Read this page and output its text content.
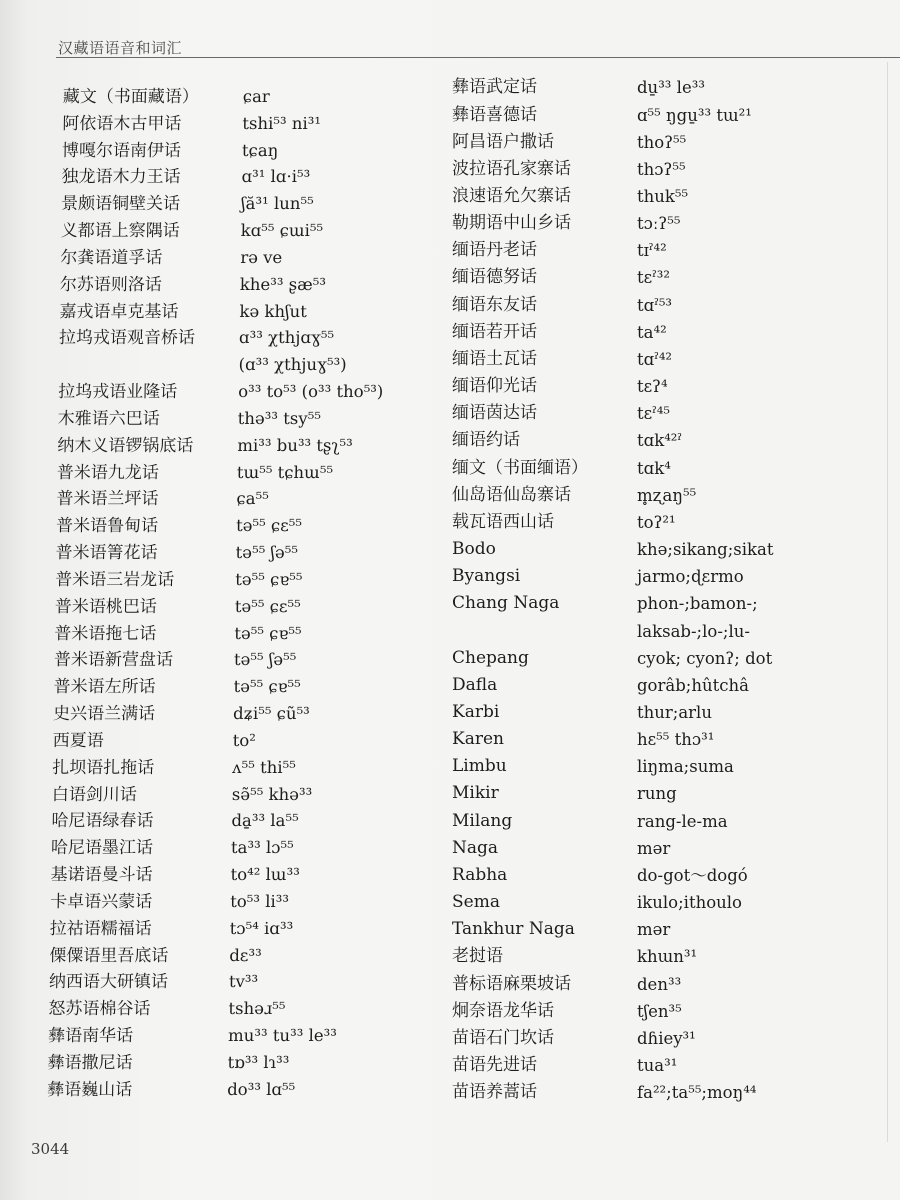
汉藏语语音和词汇
藏文（书面藏语）	ɕar
阿依语木古甲话	tshi⁵³ ni³¹
博嘎尔语南伊话	tɕaŋ
独龙语木力王话	ɑ³¹ lɑ·i⁵³
景颇语铜壁关话	ʃă³¹ lun⁵⁵
义都语上察隅话	kɑ⁵⁵ ɕɯi⁵⁵
尔龚语道孚话	rə ve
尔苏语则洛话	khe³³ ʂæ⁵³
嘉戎语卓克基话	kə khʃut
拉坞戎语观音桥话	ɑ³³ χthjɑɣ⁵⁵
(ɑ³³ χthjuɣ⁵³)
拉坞戎语业隆话	o³³ to⁵³ (o³³ tho⁵³)
木雅语六巴话	thə³³ tsy⁵⁵
纳木义语锣锅底话	mi³³ bu³³ tʂʅ⁵³
普米语九龙话	tɯ⁵⁵ tɕhɯ⁵⁵
普米语兰坪话	ɕa⁵⁵
普米语鲁甸话	tə⁵⁵ ɕɛ⁵⁵
普米语箐花话	tə⁵⁵ ʃə⁵⁵
普米语三岩龙话	tə⁵⁵ ɕɐ⁵⁵
普米语桃巴话	tə⁵⁵ ɕɛ⁵⁵
普米语拖七话	tə⁵⁵ ɕɐ⁵⁵
普米语新营盘话	tə⁵⁵ ʃə⁵⁵
普米语左所话	tə⁵⁵ ɕɐ⁵⁵
史兴语兰满话	dʑi⁵⁵ ɕũ⁵³
西夏语	to²
扎坝语扎拖话	ʌ⁵⁵ thi⁵⁵
白语剑川话	sə̃⁵⁵ khə³³
哈尼语绿春话	da̱³³ la⁵⁵
哈尼语墨江话	ta³³ lɔ⁵⁵
基诺语曼斗话	to⁴² lɯ³³
卡卓语兴蒙话	to⁵³ li³³
拉祜语糯福话	tɔ⁵⁴ iɑ³³
傈僳语里吾底话	dɛ³³
纳西语大研镇话	tv³³
怒苏语棉谷话	tshəɹ⁵⁵
彝语南华话	mu³³ tu³³ le³³
彝语撒尼话	tɒ³³ lɿ³³
彝语巍山话	do³³ lɑ⁵⁵
彝语武定话	du̱³³ le³³
彝语喜德话	ɑ⁵⁵ ŋgu̱³³ tɯ²¹
阿昌语户撒话	thoʔ⁵⁵
波拉语孔家寨话	thɔʔ⁵⁵
浪速语允欠寨话	thuk⁵⁵
勒期语中山乡话	tɔːʔ⁵⁵
缅语丹老话	tɪˀ⁴²
缅语德努话	tɛˀ³²
缅语东友话	tɑˀ⁵³
缅语若开话	ta⁴²
缅语土瓦话	tɑˀ⁴²
缅语仰光话	tɛʔ⁴
缅语茵达话	tɛˀ⁴⁵
缅语约话	tɑk⁴²ˀ
缅文（书面缅语）	tɑk⁴
仙岛语仙岛寨话	m̥ʐaŋ⁵⁵
载瓦语西山话	toʔ²¹
Bodo	khə;sikang;sikat
Byangsi	jarmo;ɖɛrmo
Chang Naga	phon-;bamon-;
laksab-;lo-;lu-
Chepang	cyok; cyonʔ; dot
Dafla	gorâb;hûtchâ
Karbi	thur;arlu
Karen	hɛ⁵⁵ thɔ³¹
Limbu	liŋma;suma
Mikir	rung
Milang	rang-le-ma
Naga	mər
Rabha	do-got～dogó
Sema	ikulo;ithoulo
Tankhur Naga	mər
老挝语	khɯn³¹
普标语麻栗坡话	den³³
炯奈语龙华话	tʃen³⁵
苗语石门坎话	dɦiey³¹
苗语先进话	tua³¹
苗语养蒿话	fa²²;ta⁵⁵;moŋ⁴⁴
3044
